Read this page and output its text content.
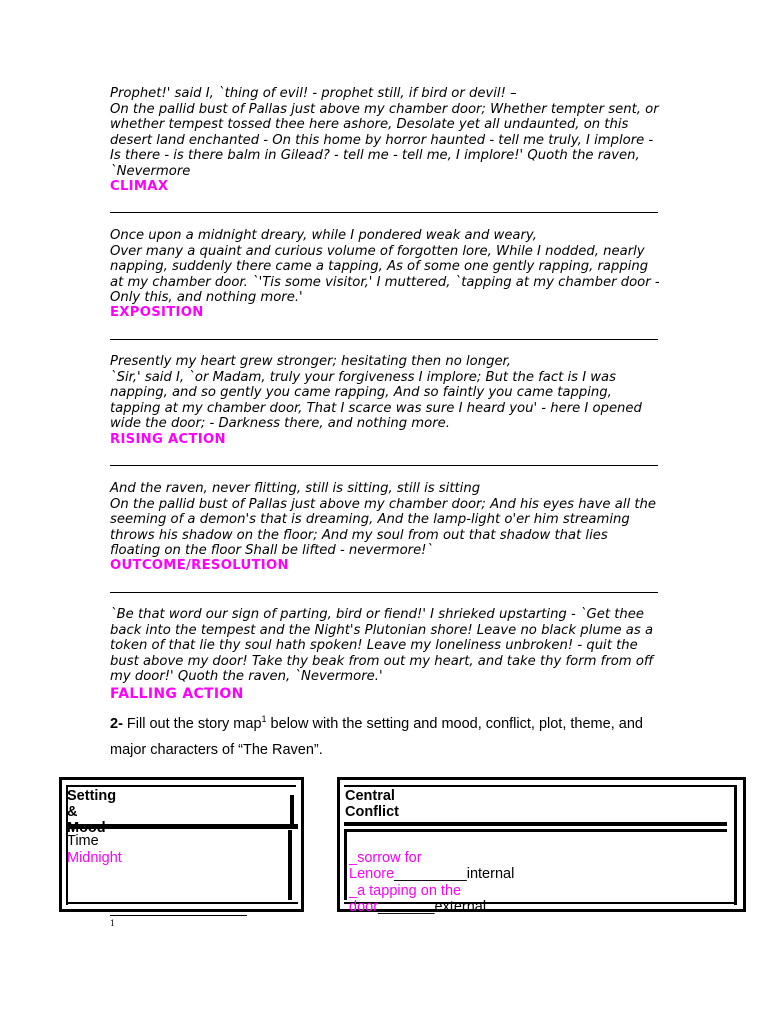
Prophet!' said I, `thing of evil! - prophet still, if bird or devil! –

On the pallid bust of Pallas just above my chamber door; Whether tempter sent, or whether tempest tossed thee here ashore, Desolate yet all undaunted, on this desert land enchanted - On this home by horror haunted - tell me truly, I implore - Is there - is there balm in Gilead? - tell me - tell me, I implore!' Quoth the raven, `Nevermore

CLIMAX

Once upon a midnight dreary, while I pondered weak and weary,

Over many a quaint and curious volume of forgotten lore, While I nodded, nearly napping, suddenly there came a tapping, As of some one gently rapping, rapping at my chamber door. `'Tis some visitor,' I muttered, `tapping at my chamber door - Only this, and nothing more.'

EXPOSITION

Presently my heart grew stronger; hesitating then no longer,

`Sir,' said I, `or Madam, truly your forgiveness I implore; But the fact is I was napping, and so gently you came rapping, And so faintly you came tapping, tapping at my chamber door, That I scarce was sure I heard you' - here I opened wide the door; - Darkness there, and nothing more.

RISING ACTION

And the raven, never flitting, still is sitting, still is sitting

On the pallid bust of Pallas just above my chamber door; And his eyes have all the seeming of a demon's that is dreaming, And the lamp-light o'er him streaming throws his shadow on the floor; And my soul from out that shadow that lies floating on the floor Shall be lifted - nevermore!`

OUTCOME/RESOLUTION

`Be that word our sign of parting, bird or fiend!' I shrieked upstarting - `Get thee back into the tempest and the Night's Plutonian shore! Leave no black plume as a token of that lie thy soul hath spoken! Leave my loneliness unbroken! - quit the bust above my door! Take thy beak from out my heart, and take thy form from off my door!' Quoth the raven, `Nevermore.'

FALLING ACTION
2- Fill out the story map$^1$ below with the setting and mood, conflict, plot, theme, and major characters of “The Raven”.
Setting & Mood
Time
Midnight
Central Conflict
_sorrow for Lenore_________internal
_a tapping on the door_______external
1
